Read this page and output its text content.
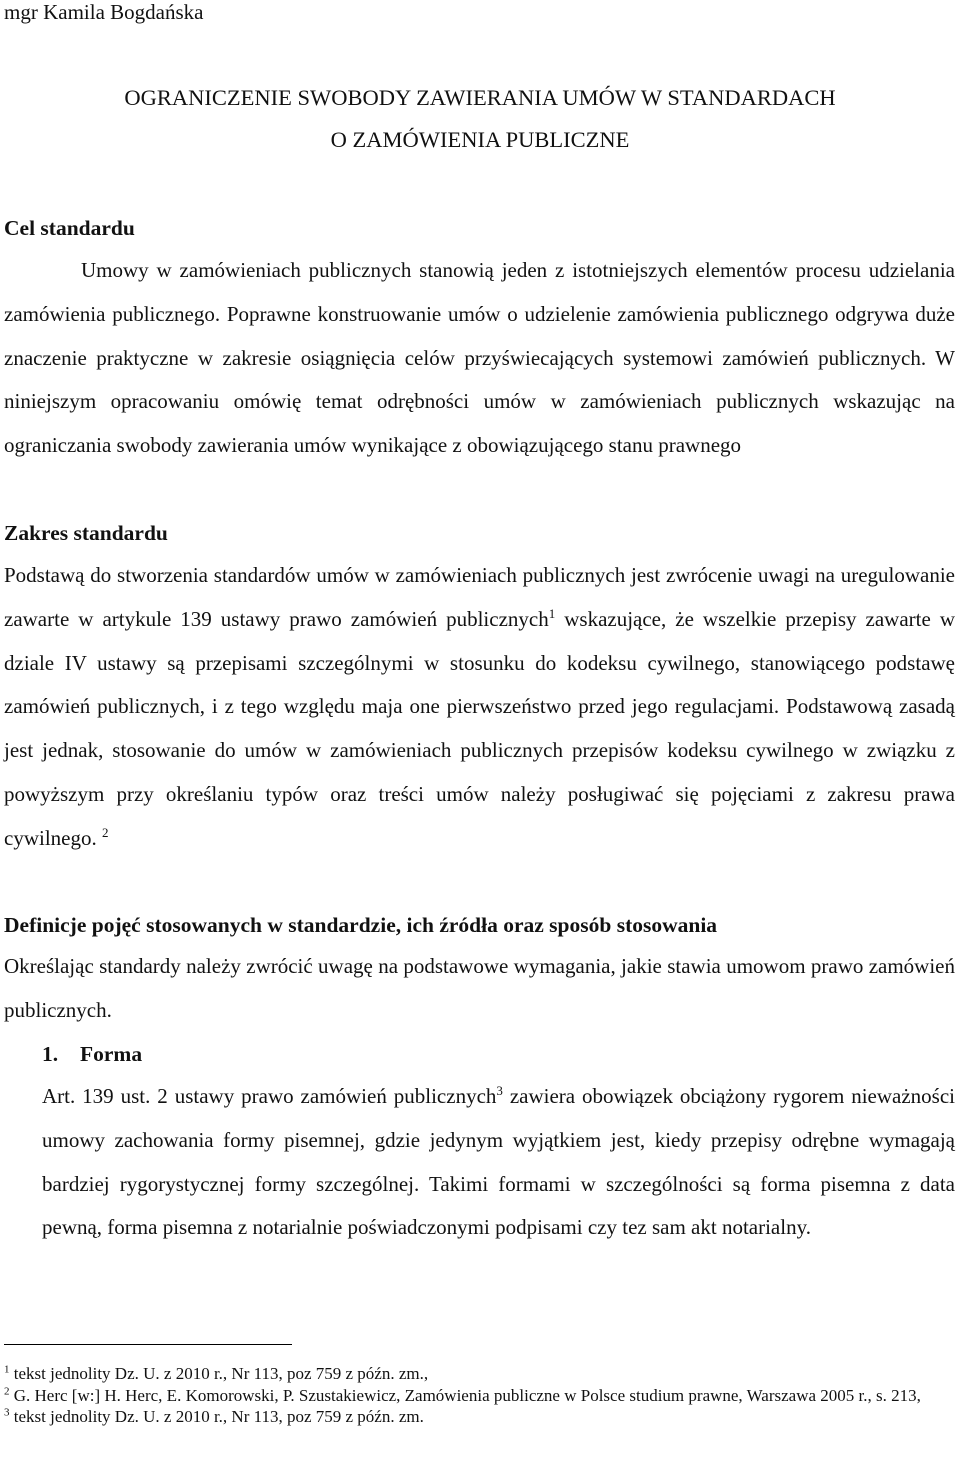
mgr Kamila Bogdańska
OGRANICZENIE SWOBODY ZAWIERANIA UMÓW W STANDARDACH
O ZAMÓWIENIA PUBLICZNE
Cel standardu
Umowy w zamówieniach publicznych stanowią jeden z istotniejszych elementów procesu udzielania zamówienia publicznego. Poprawne konstruowanie umów o udzielenie zamówienia publicznego odgrywa duże znaczenie praktyczne w zakresie osiągnięcia celów przyświecających systemowi zamówień publicznych. W niniejszym opracowaniu omówię temat odrębności umów w zamówieniach publicznych wskazując na ograniczania swobody zawierania umów wynikające z obowiązującego stanu prawnego
Zakres standardu
Podstawą do stworzenia standardów umów w zamówieniach publicznych jest zwrócenie uwagi na uregulowanie zawarte w artykule 139 ustawy prawo zamówień publicznych$^1$ wskazujące, że wszelkie przepisy zawarte w dziale IV ustawy są przepisami szczególnymi w stosunku do kodeksu cywilnego, stanowiącego podstawę zamówień publicznych, i z tego względu maja one pierwszeństwo przed jego regulacjami. Podstawową zasadą jest jednak, stosowanie do umów w zamówieniach publicznych przepisów kodeksu cywilnego w związku z powyższym przy określaniu typów oraz treści umów należy posługiwać się pojęciami z zakresu prawa cywilnego. $^2$
Definicje pojęć stosowanych w standardzie, ich źródła oraz sposób stosowania
Określając standardy należy zwrócić uwagę na podstawowe wymagania, jakie stawia umowom prawo zamówień publicznych.
1. Forma
Art. 139 ust. 2 ustawy prawo zamówień publicznych$^3$ zawiera obowiązek obciążony rygorem nieważności umowy zachowania formy pisemnej, gdzie jedynym wyjątkiem jest, kiedy przepisy odrębne wymagają bardziej rygorystycznej formy szczególnej. Takimi formami w szczególności są forma pisemna z data pewną, forma pisemna z notarialnie poświadczonymi podpisami czy tez sam akt notarialny.
$^1$ tekst jednolity Dz. U. z 2010 r., Nr 113, poz 759 z późn. zm.,
$^2$ G. Herc [w:] H. Herc, E. Komorowski, P. Szustakiewicz, Zamówienia publiczne w Polsce studium prawne, Warszawa 2005 r., s. 213,
$^3$ tekst jednolity Dz. U. z 2010 r., Nr 113, poz 759 z późn. zm.
